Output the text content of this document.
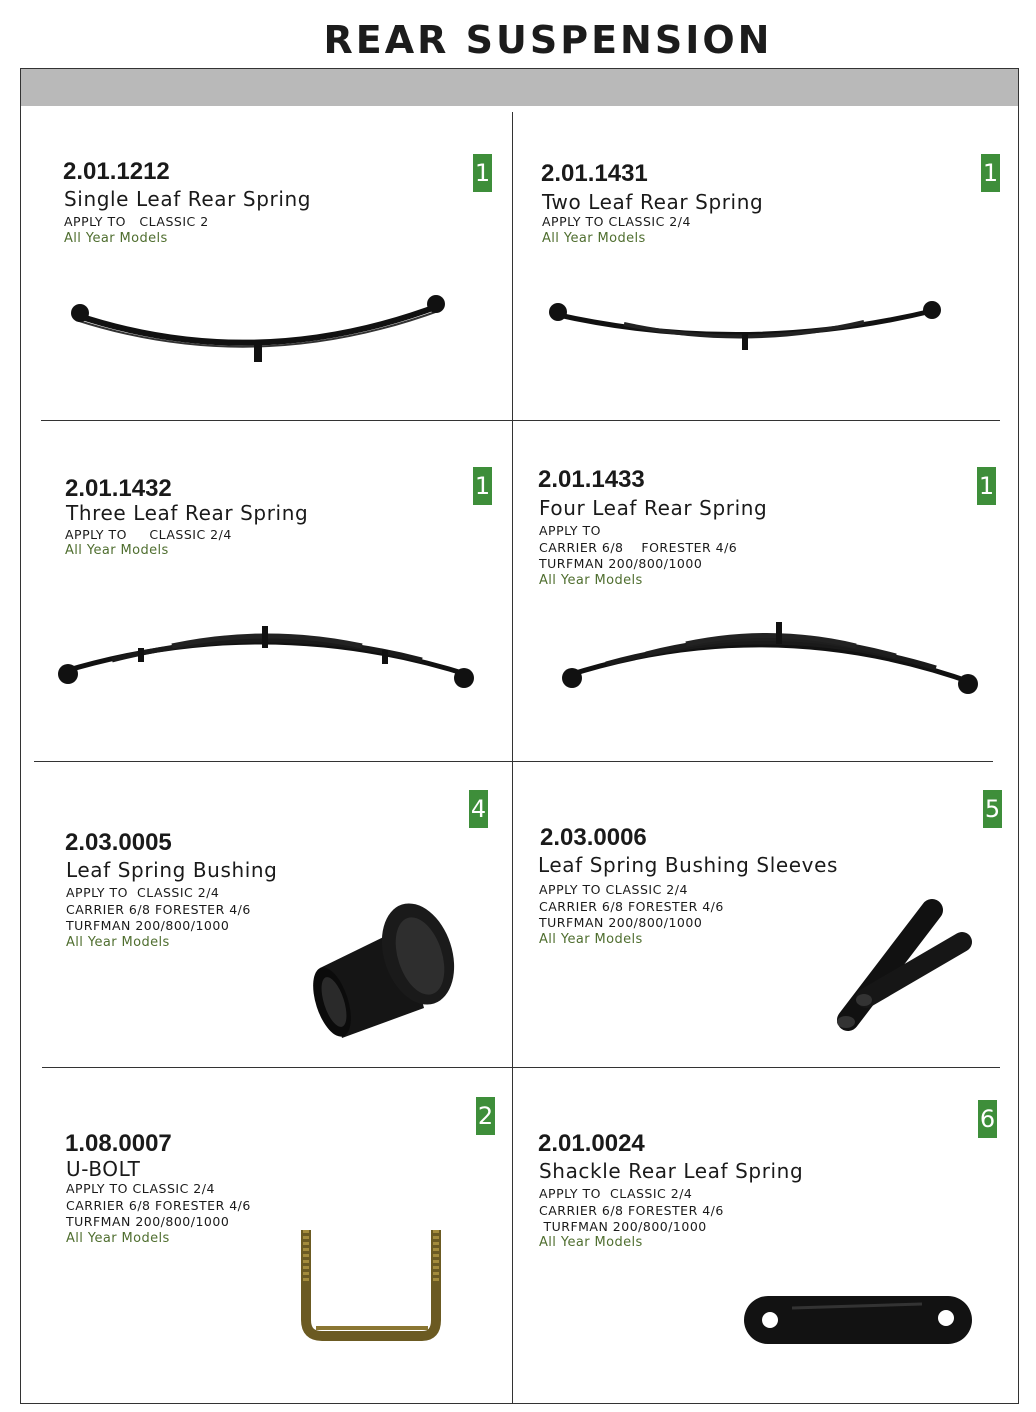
REAR SUSPENSION
2.01.1212
Single Leaf Rear Spring
APPLY TO   CLASSIC 2
All Year Models
1 2.01.1431
Two Leaf Rear Spring
APPLY TO CLASSIC 2/4
All Year Models
1
2.01.1432
Three Leaf Rear Spring
APPLY TO     CLASSIC 2/4
All Year Models
1 2.01.1433
Four Leaf Rear Spring
APPLY TO
CARRIER 6/8    FORESTER 4/6
TURFMAN 200/800/1000
All Year Models
1
2.03.0005
Leaf Spring Bushing
APPLY TO  CLASSIC 2/4
CARRIER 6/8 FORESTER 4/6
TURFMAN 200/800/1000
All Year Models
4
2.03.0006
Leaf Spring Bushing Sleeves
APPLY TO CLASSIC 2/4
CARRIER 6/8 FORESTER 4/6
TURFMAN 200/800/1000
All Year Models
5
1.08.0007
U-BOLT
APPLY TO CLASSIC 2/4
CARRIER 6/8 FORESTER 4/6
TURFMAN 200/800/1000
All Year Models
2
2.01.0024
Shackle Rear Leaf Spring
APPLY TO  CLASSIC 2/4
CARRIER 6/8 FORESTER 4/6
TURFMAN 200/800/1000
All Year Models
6
